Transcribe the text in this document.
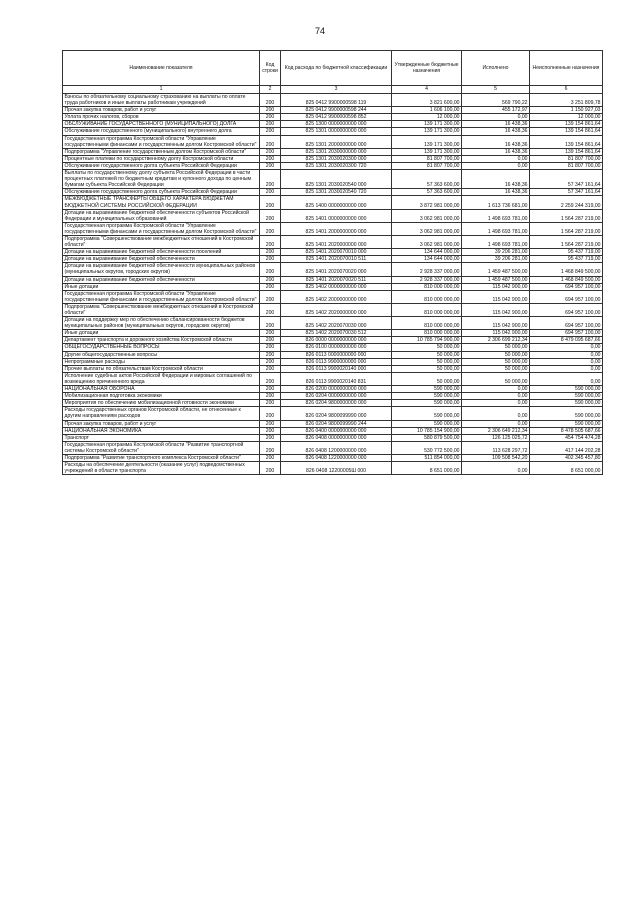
74
Наименование показателя	Код строки	Код расхода по бюджетной классификации	Утвержденные бюджетные назначения	Исполнено	Неисполненные назначения
1	2	3	4	5	6
Взносы по обязательному социальному страхованию на выплаты по оплате труда работников и иные выплаты работникам учреждений	200	825 0412 9900000598 119	3 821 600,00	569 790,22	3 251 809,78
Прочая закупка товаров, работ и услуг	200	825 0412 9900000598 244	1 606 100,00	455 172,97	1 150 927,03
Уплата прочих налогов, сборов	200	825 0412 9900000598 852	12 000,00	0,00	12 000,00
ОБСЛУЖИВАНИЕ ГОСУДАРСТВЕННОГО (МУНИЦИПАЛЬНОГО) ДОЛГА	200	825 1300 0000000000 000	139 171 300,00	16 438,36	139 154 861,64
Обслуживание государственного (муниципального) внутреннего долга	200	825 1301 0000000000 000	139 171 300,00	16 438,36	139 154 861,64
Государственная программа Костромской области "Управление государственными финансами и государственным долгом Костромской области"	200	825 1301 2000000000 000	139 171 300,00	16 438,36	139 154 861,64
Подпрограмма "Управление государственным долгом Костромской области"	200	825 1301 2030000000 000	139 171 300,00	16 438,36	139 154 861,64
Процентные платежи по государственному долгу Костромской области	200	825 1301 2030020300 000	81 807 700,00	0,00	81 807 700,00
Обслуживание государственного долга субъекта Российской Федерации	200	825 1301 2030020300 720	81 807 700,00	0,00	81 807 700,00
Выплаты по государственному долгу субъекта Российской Федерации в части процентных платежей по бюджетным кредитам и купонного дохода по ценным бумагам субъекта Российской Федерации	200	825 1301 2030020540 000	57 363 600,00	16 438,36	57 347 161,64
Обслуживание государственного долга субъекта Российской Федерации	200	825 1301 2030020540 720	57 363 600,00	16 438,36	57 347 161,64
МЕЖБЮДЖЕТНЫЕ ТРАНСФЕРТЫ ОБЩЕГО ХАРАКТЕРА БЮДЖЕТАМ БЮДЖЕТНОЙ СИСТЕМЫ РОССИЙСКОЙ ФЕДЕРАЦИИ	200	825 1400 0000000000 000	3 872 981 000,00	1 613 736 681,00	2 259 244 319,00
Дотации на выравнивание бюджетной обеспеченности субъектов Российской Федерации и муниципальных образований	200	825 1401 0000000000 000	3 062 981 000,00	1 498 693 781,00	1 564 287 219,00
Государственная программа Костромской области "Управление государственными финансами и государственным долгом Костромской области"	200	825 1401 2000000000 000	3 062 981 000,00	1 498 693 781,00	1 564 287 219,00
Подпрограмма "Совершенствование межбюджетных отношений в Костромской области"	200	825 1401 2020000000 000	3 062 981 000,00	1 498 693 781,00	1 564 287 219,00
Дотации на выравнивание бюджетной обеспеченности поселений	200	825 1401 2020070010 000	134 644 000,00	39 206 281,00	95 437 719,00
Дотации на выравнивание бюджетной обеспеченности	200	825 1401 2020070010 511	134 644 000,00	39 206 281,00	95 437 719,00
Дотации на выравнивание бюджетной обеспеченности муниципальных районов (муниципальных округов, городских округов)	200	825 1401 2020070020 000	2 928 337 000,00	1 459 487 500,00	1 468 849 500,00
Дотации на выравнивание бюджетной обеспеченности	200	825 1401 2020070020 511	2 928 337 000,00	1 459 487 500,00	1 468 849 500,00
Иные дотации	200	825 1402 0000000000 000	810 000 000,00	115 042 900,00	694 957 100,00
Государственная программа Костромской области "Управление государственными финансами и государственным долгом Костромской области"	200	825 1402 2000000000 000	810 000 000,00	115 042 900,00	694 957 100,00
Подпрограмма "Совершенствование межбюджетных отношений в Костромской области"	200	825 1402 2020000000 000	810 000 000,00	115 042 900,00	694 957 100,00
Дотации на поддержку мер по обеспечению сбалансированности бюджетов муниципальных районов (муниципальных округов, городских округов)	200	825 1402 2020070030 000	810 000 000,00	115 042 900,00	694 957 100,00
Иные дотации	200	825 1402 2020070030 512	810 000 000,00	115 042 900,00	694 957 100,00
Департамент транспорта и дорожного хозяйства Костромской области	200	826 0000 0000000000 000	10 785 794 900,00	2 306 699 212,34	8 479 095 687,66
ОБЩЕГОСУДАРСТВЕННЫЕ ВОПРОСЫ	200	826 0100 0000000000 000	50 000,00	50 000,00	0,00
Другие общегосударственные вопросы	200	826 0113 0000000000 000	50 000,00	50 000,00	0,00
Непрограммные расходы	200	826 0113 9900000000 000	50 000,00	50 000,00	0,00
Прочие выплаты по обязательствам Костромской области	200	826 0113 9900020140 000	50 000,00	50 000,00	0,00
Исполнение судебных актов Российской Федерации и мировых соглашений по возмещению причиненного вреда	200	826 0113 9900020140 831	50 000,00	50 000,00	0,00
НАЦИОНАЛЬНАЯ ОБОРОНА	200	826 0200 0000000000 000	590 000,00	0,00	590 000,00
Мобилизационная подготовка экономики	200	826 0204 0000000000 000	590 000,00	0,00	590 000,00
Мероприятия по обеспечению мобилизационной готовности экономики	200	826 0204 9800000000 000	590 000,00	0,00	590 000,00
Расходы государственных органов Костромской области, не отнесенные к другим направлениям расходов	200	826 0204 9800099990 000	590 000,00	0,00	590 000,00
Прочая закупка товаров, работ и услуг	200	826 0204 9800099990 244	590 000,00	0,00	590 000,00
НАЦИОНАЛЬНАЯ ЭКОНОМИКА	200	826 0400 0000000000 000	10 785 154 900,00	2 306 649 212,34	8 478 505 687,66
Транспорт	200	826 0408 0000000000 000	580 879 500,00	126 125 025,72	454 754 474,28
Государственная программа Костромской области "Развитие транспортной системы Костромской области"	200	826 0408 1200000000 000	530 772 500,00	113 628 297,72	417 144 202,28
Подпрограмма "Развитие транспортного комплекса Костромской области"	200	826 0408 1220000000 000	511 854 000,00	109 508 542,20	402 345 457,80
Расходы на обеспечение деятельности (оказание услуг) подведомственных учреждений в области транспорта	200	826 0408 12200005Ш 000	8 651 000,00	0,00	8 651 000,00
